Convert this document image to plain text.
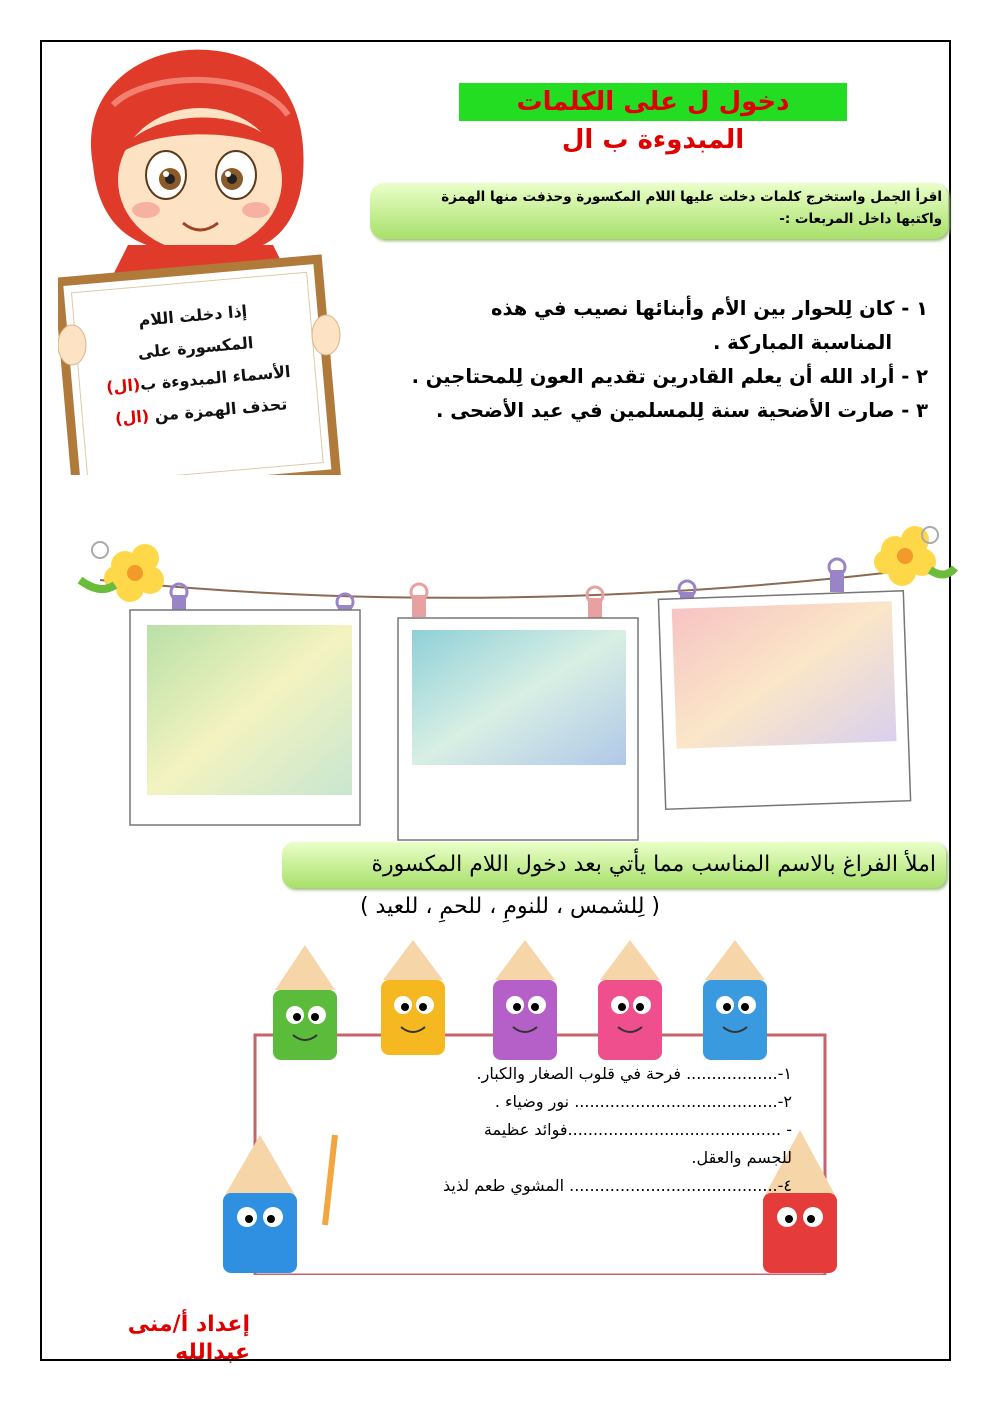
إذا دخلت اللام المكسورة على
الأسماء المبدوءة ب(ال)
تحذف الهمزة من (ال)
دخول ل على الكلمات المبدوءة ب ال
اقرأ الجمل واستخرج كلمات دخلت عليها اللام المكسورة وحذفت منها الهمزة
واكتبها داخل المربعات :-
١ - كان لِلحوار بين الأم وأبنائها نصيب في هذه
المناسبة المباركة .
٢ - أراد الله أن يعلم القادرين تقديم العون لِلمحتاجين .
٣ - صارت الأضحية سنة لِلمسلمين في عيد الأضحى .
املأ الفراغ بالاسم المناسب مما يأتي بعد دخول اللام المكسورة
( لِلشمس ، للنومِ ، للحمِ ، للعيد )
١-.................. فرحة في قلوب الصغار والكبار.
٢-........................................ نور وضياء .
- ..........................................فوائد عظيمة
للجسم والعقل.
٤-......................................... المشوي طعم لذيذ
إعداد أ/منى عبدالله
